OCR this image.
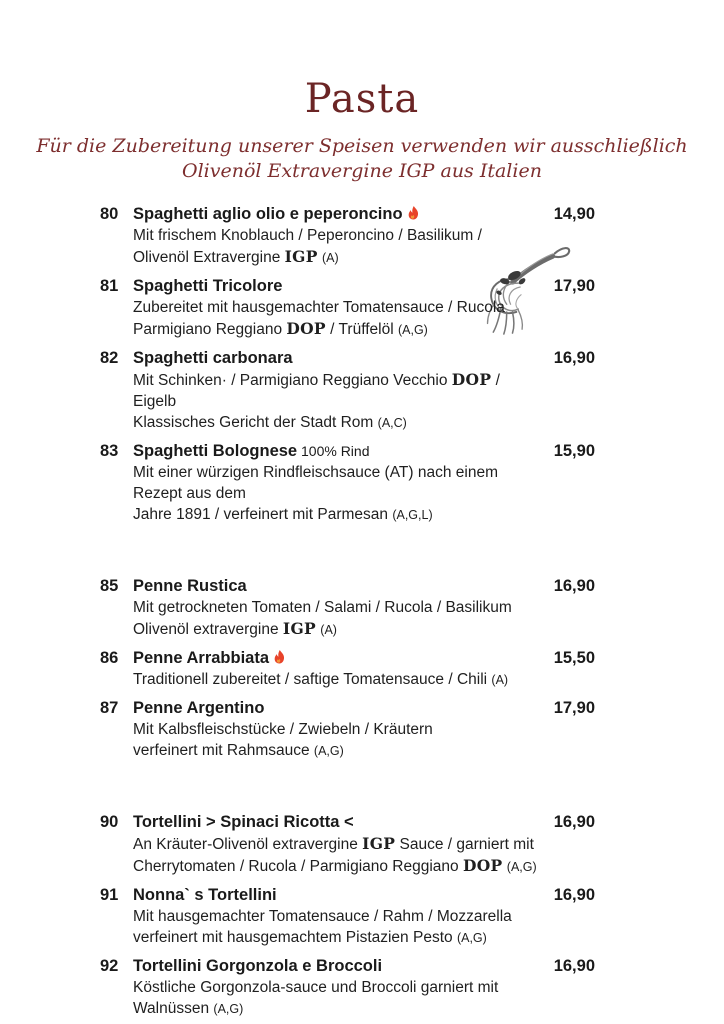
Pasta
Für die Zubereitung unserer Speisen verwenden wir ausschließlich
Olivenöl Extravergine IGP aus Italien
80 Spaghetti aglio olio e peperoncino
Mit frischem Knoblauch / Peperoncino / Basilikum /
Olivenöl Extravergine IGP (A)
14,90
81 Spaghetti Tricolore
Zubereitet mit hausgemachter Tomatensauce / Rucola
Parmigiano Reggiano DOP / Trüffelöl (A,G)
17,90
82 Spaghetti carbonara
Mit Schinken· / Parmigiano Reggiano Vecchio DOP / Eigelb
Klassisches Gericht der Stadt Rom (A,C)
16,90
83 Spaghetti Bolognese 100% Rind
Mit einer würzigen Rindfleischsauce (AT) nach einem Rezept aus dem
Jahre 1891 / verfeinert mit Parmesan (A,G,L)
15,90
85 Penne Rustica
Mit getrockneten Tomaten / Salami / Rucola / Basilikum
Olivenöl extravergine IGP (A)
16,90
86 Penne Arrabbiata
Traditionell zubereitet / saftige Tomatensauce / Chili (A)
15,50
87 Penne Argentino
Mit Kalbsfleischstücke / Zwiebeln / Kräutern
verfeinert mit Rahmsauce (A,G)
17,90
90 Tortellini > Spinaci Ricotta <
An Kräuter-Olivenöl extravergine IGP Sauce / garniert mit
Cherrytomaten / Rucola / Parmigiano Reggiano DOP (A,G)
16,90
91 Nonna` s Tortellini
Mit hausgemachter Tomatensauce / Rahm / Mozzarella
verfeinert mit hausgemachtem Pistazien Pesto (A,G)
16,90
92 Tortellini Gorgonzola e Broccoli
Köstliche Gorgonzola-sauce und Broccoli garniert mit Walnüssen (A,G)
16,90
